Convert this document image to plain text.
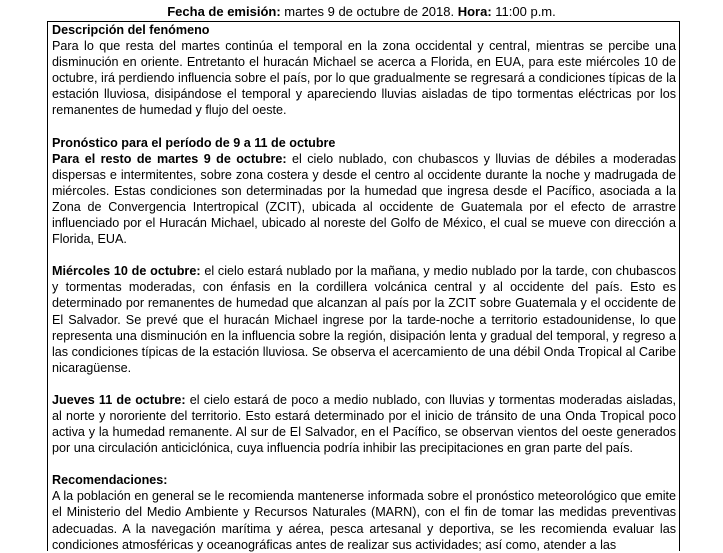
Fecha de emisión: martes 9 de octubre de 2018. Hora: 11:00 p.m.
Descripción del fenómeno

Para lo que resta del martes continúa el temporal en la zona occidental y central, mientras se percibe una disminución en oriente. Entretanto el huracán Michael se acerca a Florida, en EUA, para este miércoles 10 de octubre, irá perdiendo influencia sobre el país, por lo que gradualmente se regresará a condiciones típicas de la estación lluviosa, disipándose el temporal y apareciendo lluvias aisladas de tipo tormentas eléctricas por los remanentes de humedad y flujo del oeste.

Pronóstico para el período de 9 a 11 de octubre

Para el resto de martes 9 de octubre: el cielo nublado, con chubascos y lluvias de débiles a moderadas dispersas e intermitentes, sobre zona costera y desde el centro al occidente durante la noche y madrugada de miércoles. Estas condiciones son determinadas por la humedad que ingresa desde el Pacífico, asociada a la Zona de Convergencia Intertropical (ZCIT), ubicada al occidente de Guatemala por el efecto de arrastre influenciado por el Huracán Michael, ubicado al noreste del Golfo de México, el cual se mueve con dirección a Florida, EUA.

Miércoles 10 de octubre: el cielo estará nublado por la mañana, y medio nublado por la tarde, con chubascos y tormentas moderadas, con énfasis en la cordillera volcánica central y al occidente del país. Esto es determinado por remanentes de humedad que alcanzan al país por la ZCIT sobre Guatemala y el occidente de El Salvador. Se prevé que el huracán Michael ingrese por la tarde-noche a territorio estadounidense, lo que representa una disminución en la influencia sobre la región, disipación lenta y gradual del temporal, y regreso a las condiciones típicas de la estación lluviosa. Se observa el acercamiento de una débil Onda Tropical al Caribe nicaragüense.

Jueves 11 de octubre: el cielo estará de poco a medio nublado, con lluvias y tormentas moderadas aisladas, al norte y nororiente del territorio. Esto estará determinado por el inicio de tránsito de una Onda Tropical poco activa y la humedad remanente. Al sur de El Salvador, en el Pacífico, se observan vientos del oeste generados por una circulación anticiclónica, cuya influencia podría inhibir las precipitaciones en gran parte del país.

Recomendaciones:

A la población en general se le recomienda mantenerse informada sobre el pronóstico meteorológico que emite el Ministerio del Medio Ambiente y Recursos Naturales (MARN), con el fin de tomar las medidas preventivas adecuadas. A la navegación marítima y aérea, pesca artesanal y deportiva, se les recomienda evaluar las condiciones atmosféricas y oceanográficas antes de realizar sus actividades; así como, atender a las
